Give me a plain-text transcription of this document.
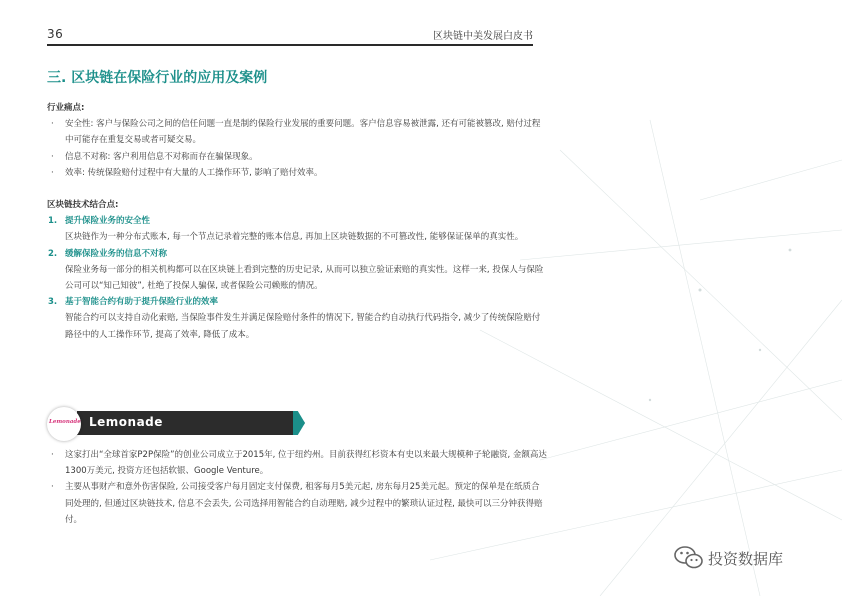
36	区块链中美发展白皮书
三. 区块链在保险行业的应用及案例
行业痛点:
· 安全性: 客户与保险公司之间的信任问题一直是制约保险行业发展的重要问题。客户信息容易被泄露, 还有可能被篡改, 赔付过程中可能存在重复交易或者可疑交易。
· 信息不对称: 客户利用信息不对称而存在骗保现象。
· 效率: 传统保险赔付过程中有大量的人工操作环节, 影响了赔付效率。
区块链技术结合点:
1. 提升保险业务的安全性
区块链作为一种分布式账本, 每一个节点记录着完整的账本信息, 再加上区块链数据的不可篡改性, 能够保证保单的真实性。
2. 缓解保险业务的信息不对称
保险业务每一部分的相关机构都可以在区块链上看到完整的历史记录, 从而可以独立验证索赔的真实性。这样一来, 投保人与保险公司可以“知己知彼”, 杜绝了投保人骗保, 或者保险公司赖账的情况。
3. 基于智能合约有助于提升保险行业的效率
智能合约可以支持自动化索赔, 当保险事件发生并满足保险赔付条件的情况下, 智能合约自动执行代码指令, 减少了传统保险赔付路径中的人工操作环节, 提高了效率, 降低了成本。
Lemonade
Lemonade
· 这家打出“全球首家P2P保险”的创业公司成立于2015年, 位于纽约州。目前获得红杉资本有史以来最大规模种子轮融资, 金额高达1300万美元, 投资方还包括软银、Google Venture。
· 主要从事财产和意外伤害保险, 公司接受客户每月固定支付保费, 租客每月5美元起, 房东每月25美元起。预定的保单是在纸质合同处理的, 但通过区块链技术, 信息不会丢失, 公司选择用智能合约自动理赔, 减少过程中的繁琐认证过程, 最快可以三分钟获得赔付。
投资数据库
